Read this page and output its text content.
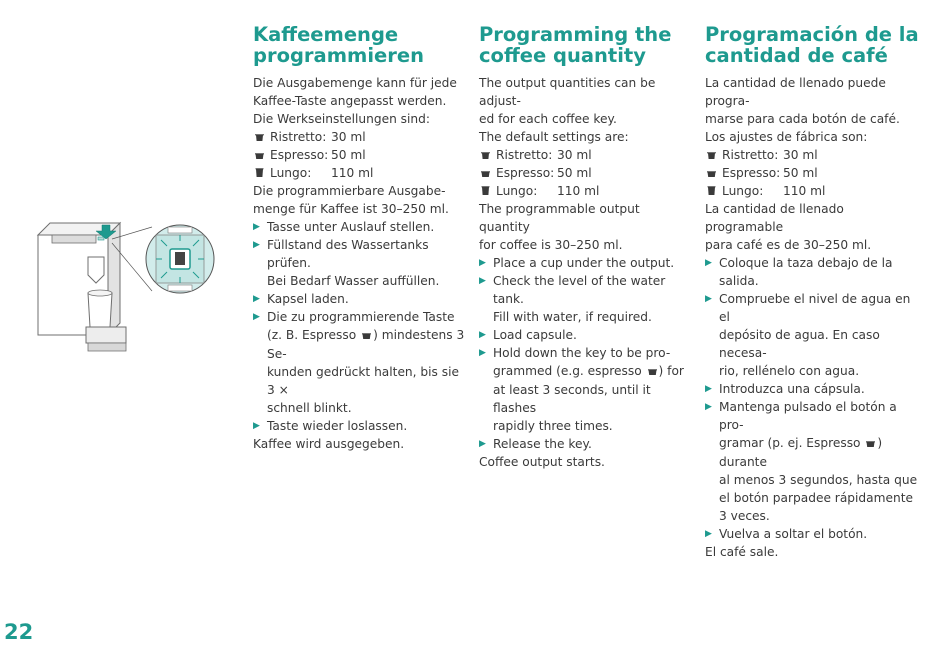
Kaffeemenge
programmieren

Die Ausgabemenge kann für jede
Kaffee-Taste angepasst werden.

Die Werkseinstellungen sind:

Ristretto: 30 ml
Espresso: 50 ml
Lungo:	110 ml

Die programmierbare Ausgabe-
menge für Kaffee ist 30–250 ml.

▶ Tasse unter Auslauf stellen.
▶ Füllstand des Wassertanks prüfen.
Bei Bedarf Wasser auffüllen.
▶ Kapsel laden.
▶ Die zu programmierende Taste
(z. B. Espresso ) mindestens 3 Se-
kunden gedrückt halten, bis sie 3 ×
schnell blinkt.
▶ Taste wieder loslassen.

Kaffee wird ausgegeben.

Programming the
coffee quantity

The output quantities can be adjust-
ed for each coffee key.

The default settings are:

Ristretto: 30 ml
Espresso: 50 ml
Lungo:	110 ml

The programmable output quantity
for coffee is 30–250 ml.

▶ Place a cup under the output.
▶ Check the level of the water tank.
Fill with water, if required.
▶ Load capsule.
▶ Hold down the key to be pro-
grammed (e.g. espresso ) for
at least 3 seconds, until it flashes
rapidly three times.
▶ Release the key.

Coffee output starts.

Programación de la
cantidad de café

La cantidad de llenado puede progra-
marse para cada botón de café.

Los ajustes de fábrica son:

Ristretto: 30 ml
Espresso: 50 ml
Lungo:	110 ml

La cantidad de llenado programable
para café es de 30–250 ml.

▶ Coloque la taza debajo de la salida.
▶ Compruebe el nivel de agua en el
depósito de agua. En caso necesa-
rio, rellénelo con agua.
▶ Introduzca una cápsula.
▶ Mantenga pulsado el botón a pro-
gramar (p. ej. Espresso ) durante
al menos 3 segundos, hasta que
el botón parpadee rápidamente
3 veces.
▶ Vuelva a soltar el botón.

El café sale.

22
